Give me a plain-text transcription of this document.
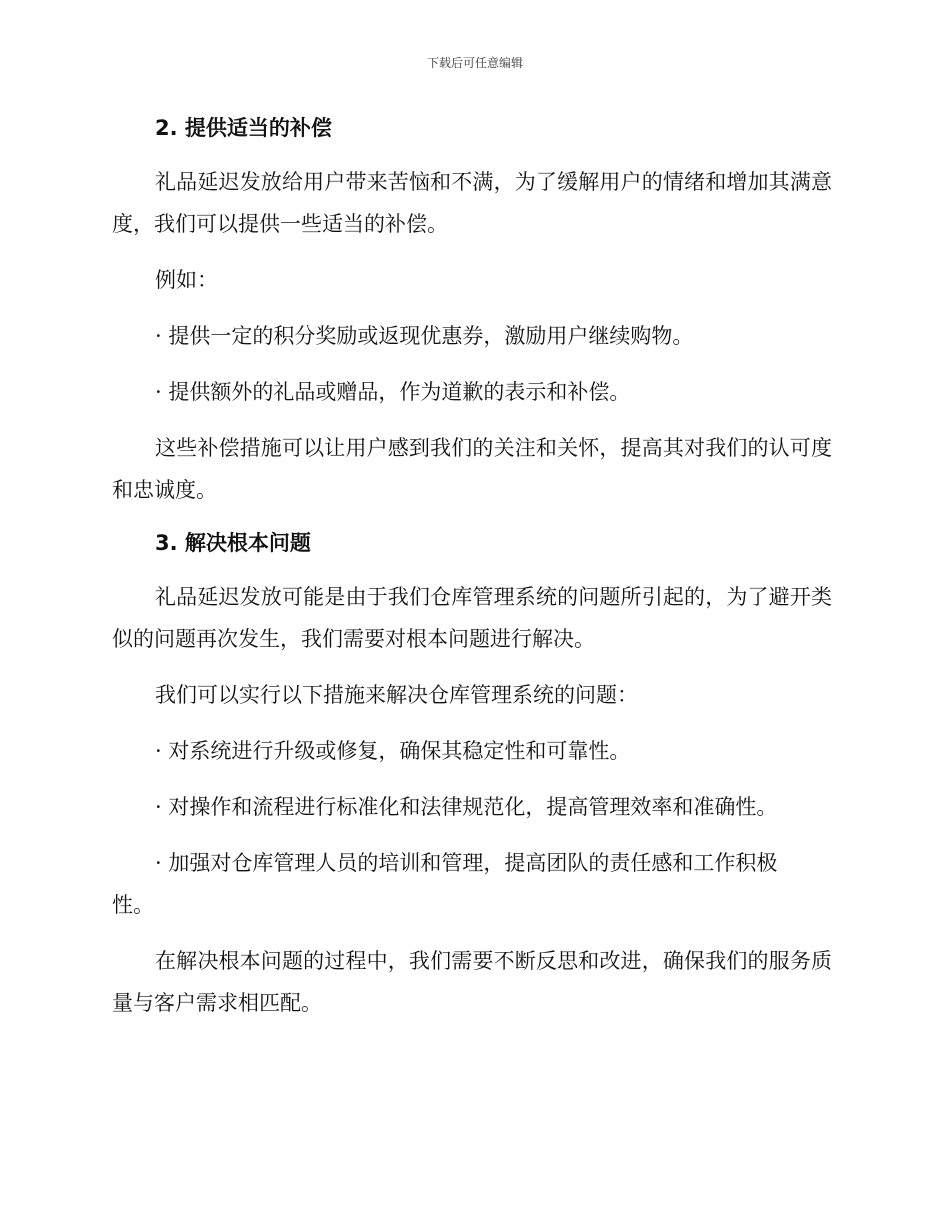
下载后可任意编辑
2. 提供适当的补偿
礼品延迟发放给用户带来苦恼和不满，为了缓解用户的情绪和增加其满意度，我们可以提供一些适当的补偿。
例如：
· 提供一定的积分奖励或返现优惠券，激励用户继续购物。
· 提供额外的礼品或赠品，作为道歉的表示和补偿。
这些补偿措施可以让用户感到我们的关注和关怀，提高其对我们的认可度和忠诚度。
3. 解决根本问题
礼品延迟发放可能是由于我们仓库管理系统的问题所引起的，为了避开类似的问题再次发生，我们需要对根本问题进行解决。
我们可以实行以下措施来解决仓库管理系统的问题：
· 对系统进行升级或修复，确保其稳定性和可靠性。
· 对操作和流程进行标准化和法律规范化，提高管理效率和准确性。
· 加强对仓库管理人员的培训和管理，提高团队的责任感和工作积极性。
在解决根本问题的过程中，我们需要不断反思和改进，确保我们的服务质量与客户需求相匹配。
